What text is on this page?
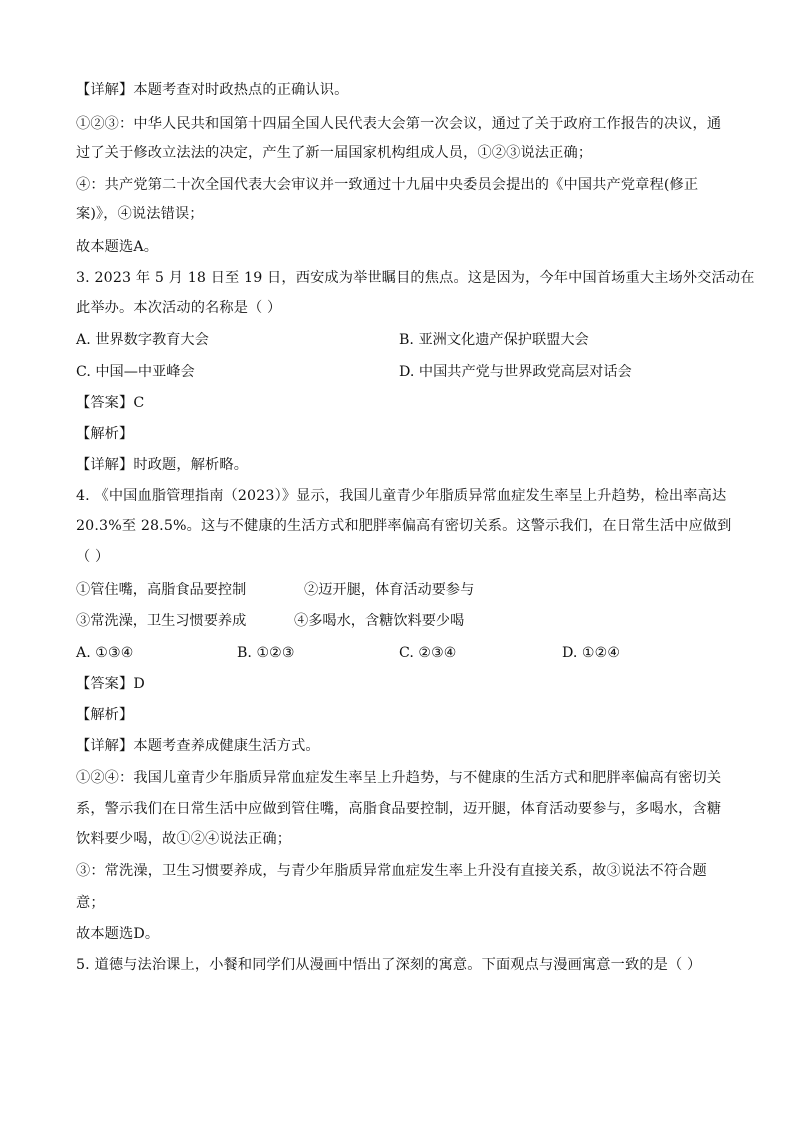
【详解】本题考查对时政热点的正确认识。
①②③：中华人民共和国第十四届全国人民代表大会第一次会议，通过了关于政府工作报告的决议，通
过了关于修改立法法的决定，产生了新一届国家机构组成人员，①②③说法正确；
④：共产党第二十次全国代表大会审议并一致通过十九届中央委员会提出的《中国共产党章程(修正
案)》，④说法错误；
故本题选A。
3. 2023 年 5 月 18 日至 19 日，西安成为举世瞩目的焦点。这是因为，今年中国首场重大主场外交活动在
此举办。本次活动的名称是（ ）
A. 世界数字教育大会	B. 亚洲文化遗产保护联盟大会
C. 中国—中亚峰会	D. 中国共产党与世界政党高层对话会
【答案】C
【解析】
【详解】时政题，解析略。
4. 《中国血脂管理指南（2023）》显示，我国儿童青少年脂质异常血症发生率呈上升趋势，检出率高达
20.3%至 28.5%。这与不健康的生活方式和肥胖率偏高有密切关系。这警示我们，在日常生活中应做到
（ ）
①管住嘴，高脂食品要控制	②迈开腿，体育活动要参与
③常洗澡，卫生习惯要养成	④多喝水，含糖饮料要少喝
A. ①③④	B. ①②③	C. ②③④	D. ①②④
【答案】D
【解析】
【详解】本题考查养成健康生活方式。
①②④：我国儿童青少年脂质异常血症发生率呈上升趋势，与不健康的生活方式和肥胖率偏高有密切关
系，警示我们在日常生活中应做到管住嘴，高脂食品要控制，迈开腿，体育活动要参与，多喝水，含糖
饮料要少喝，故①②④说法正确；
③：常洗澡，卫生习惯要养成，与青少年脂质异常血症发生率上升没有直接关系，故③说法不符合题
意；
故本题选D。
5. 道德与法治课上，小餐和同学们从漫画中悟出了深刻的寓意。下面观点与漫画寓意一致的是（ ）
